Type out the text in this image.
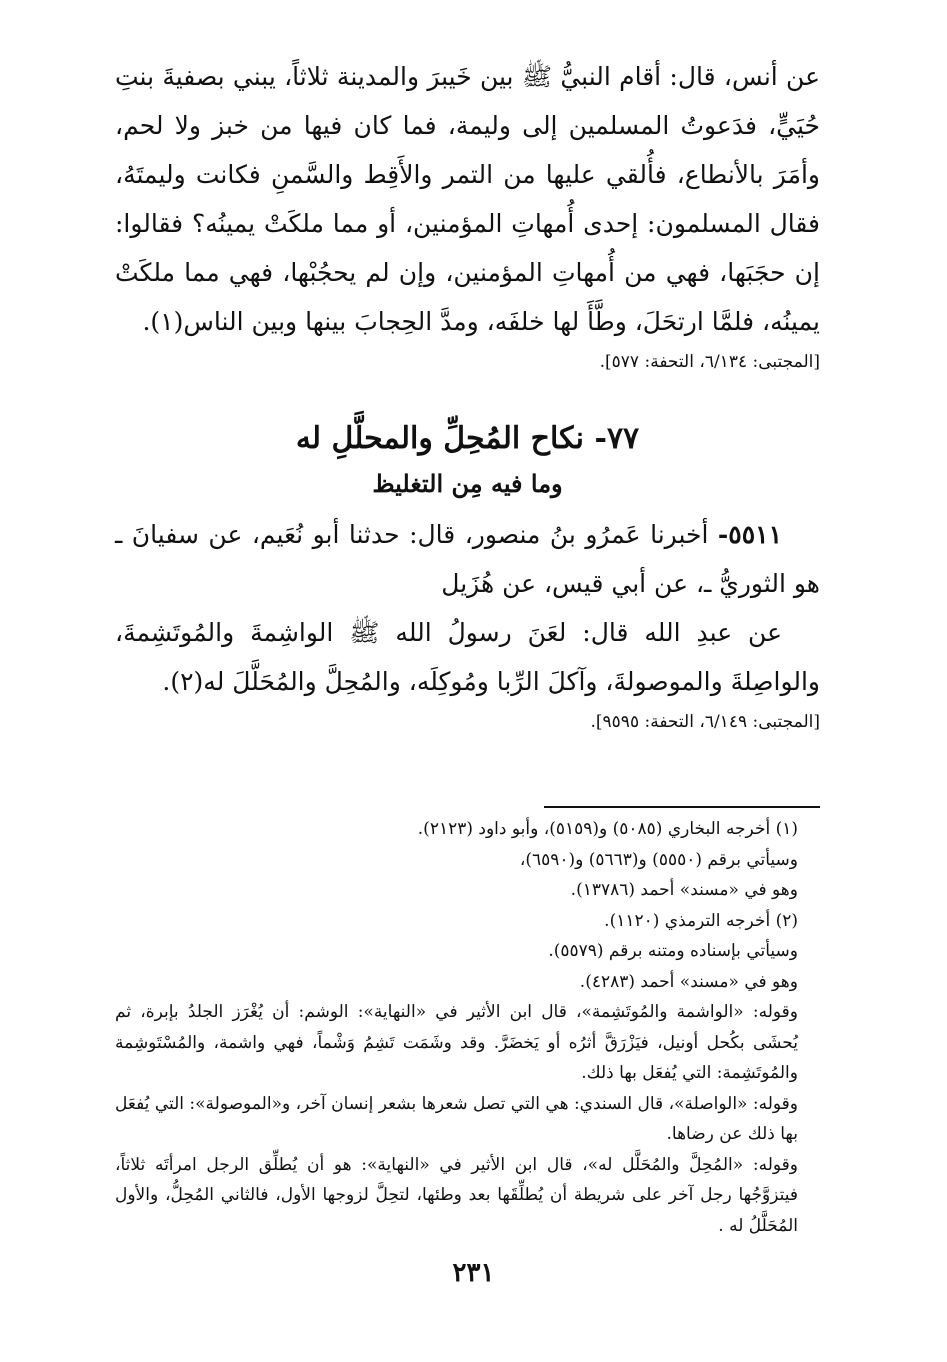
عن أنس، قال: أقام النبيُّ ﷺ بين خَيبرَ والمدينة ثلاثاً، يبني بصفيةَ بنتِ حُيَيٍّ، فدَعوتُ المسلمين إلى وليمة، فما كان فيها من خبز ولا لحم، وأمَرَ بالأنطاع، فأُلقي عليها من التمر والأَقِط والسَّمنِ فكانت وليمتَهُ، فقال المسلمون: إحدى أُمهاتِ المؤمنين، أو مما ملكَتْ يمينُه؟ فقالوا: إن حجَبَها، فهي من أُمهاتِ المؤمنين، وإن لم يحجُبْها، فهي مما ملكَتْ يمينُه، فلمَّا ارتحَلَ، وطَّأَ لها خلفَه، ومدَّ الحِجابَ بينها وبين الناس(١).

[المجتبى: ٦/١٣٤، التحفة: ٥٧٧].

٧٧- نكاح المُحِلِّ والمحلَّلِ له
وما فيه مِن التغليظ

٥٥١١- أخبرنا عَمرُو بنُ منصور، قال: حدثنا أبو نُعَيم، عن سفيانَ ـ هو الثوريُّ ـ، عن أبي قيس، عن هُزَيل

عن عبدِ الله قال: لعَنَ رسولُ الله ﷺ الواشِمةَ والمُوتَشِمةَ، والواصِلةَ والموصولةَ، وآكلَ الرِّبا ومُوكِلَه، والمُحِلَّ والمُحَلَّلَ له(٢).

[المجتبى: ٦/١٤٩، التحفة: ٩٥٩٥].

(١) أخرجه البخاري (٥٠٨٥) و(٥١٥٩)، وأبو داود (٢١٢٣).

وسيأتي برقم (٥٥٥٠) و(٥٦٦٣) و(٦٥٩٠)،

وهو في «مسند» أحمد (١٣٧٨٦).

(٢) أخرجه الترمذي (١١٢٠).

وسيأتي بإسناده ومتنه برقم (٥٥٧٩).

وهو في «مسند» أحمد (٤٢٨٣).

وقوله: «الواشمة والمُوتَشِمة»، قال ابن الأثير في «النهاية»: الوشم: أن يُغْرَز الجلدُ بإبرة، ثم يُحشَى بكُحل أونيل، فيَزْرَقَّ أثرُه أو يَخضَرَّ. وقد وشَمَت تَشِمُ وَشْماً، فهي واشمة، والمُسْتَوشِمة والمُوتَشِمة: التي يُفعَل بها ذلك.

وقوله: «الواصلة»، قال السندي: هي التي تصل شعرها بشعر إنسان آخر، و«الموصولة»: التي يُفعَل بها ذلك عن رضاها.

وقوله: «المُحِلَّ والمُحَلَّل له»، قال ابن الأثير في «النهاية»: هو أن يُطلِّق الرجل امرأتَه ثلاثاً، فيتزوَّجُها رجل آخر على شريطة أن يُطلِّقَها بعد وطئها، لتحِلَّ لزوجها الأول، فالثاني المُحِلُّ، والأول المُحَلَّلُ له .

٢٣١
